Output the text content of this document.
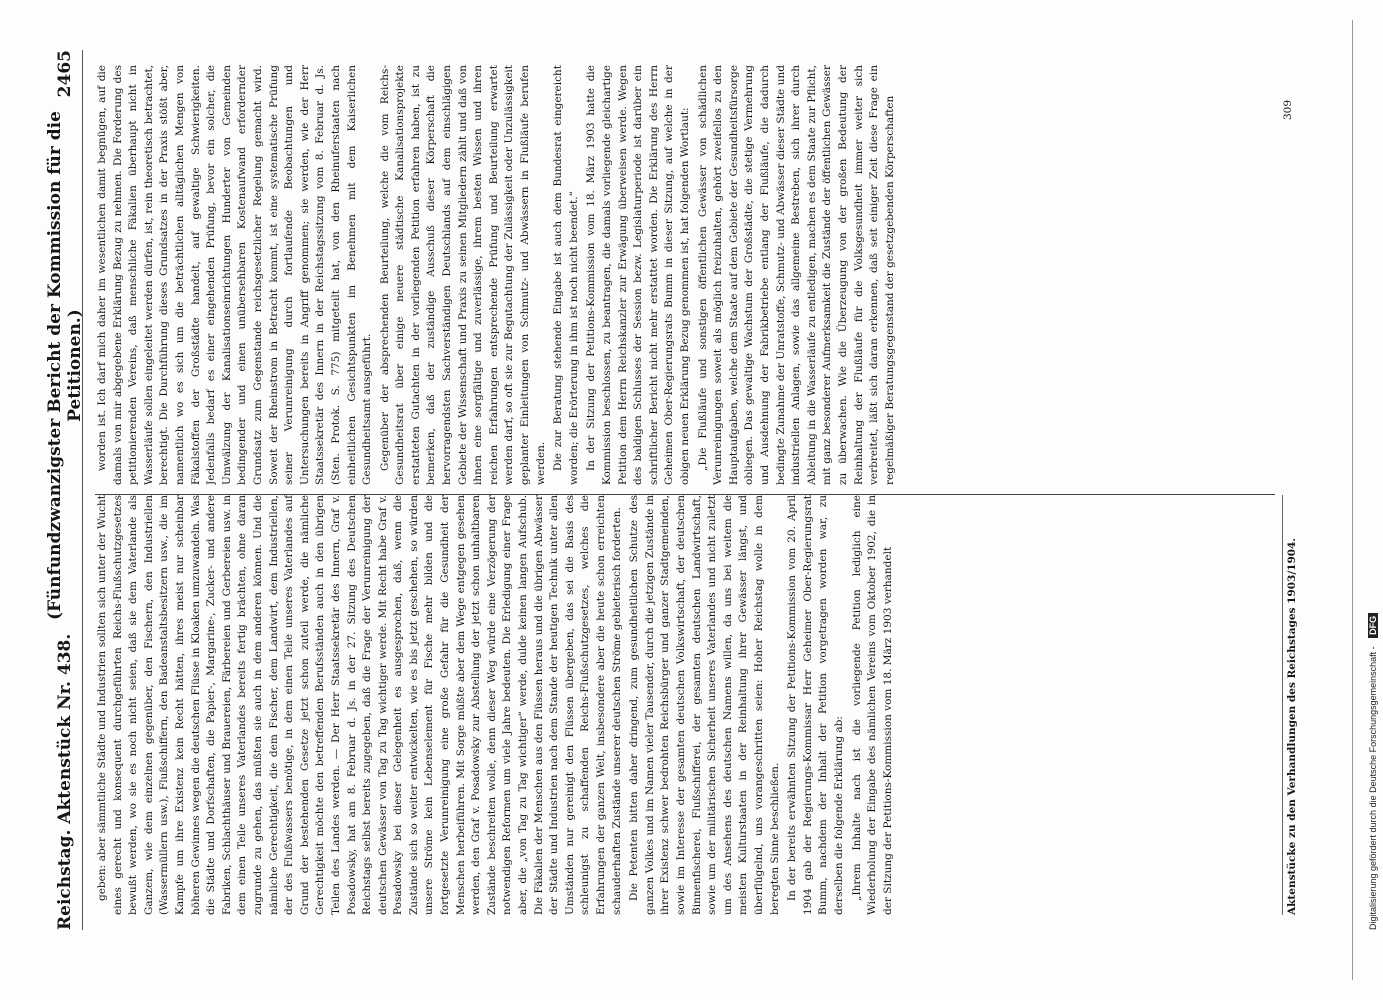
Reichstag. Aktenstück Nr. 438.
(Fünfundzwanzigster Bericht der Kommission für die Petitionen.)
2465

geben: aber sämmtliche Städte und Industrien sollten sich unter der Wucht eines gerecht und konsequent durchgeführten Reichs-Flußschutzgesetzes bewußt werden, wo sie es noch nicht seien, daß sie dem Vaterlande als Ganzem, wie dem einzelnen gegenüber, den Fischern, den Industriellen (Wassermüllern usw.), Flußschiffern, den Badeanstaltsbesitzern usw., die im Kampfe um ihre Existenz kein Recht hätten, ihres meist nur scheinbar höheren Gewinnes wegen die deutschen Flüsse in Kloaken umzuwandeln. Was die Städte und Dorfschaften, die Papier-, Margarine-, Zucker- und andere Fabriken, Schlachthäuser und Brauereien, Färbereien und Gerbereien usw. in dem einen Teile unseres Vaterlandes bereits fertig brächten, ohne daran zugrunde zu gehen, das müßten sie auch in dem anderen können. Und die nämliche Gerechtigkeit, die dem Fischer, dem Landwirt, dem Industriellen, der des Flußwassers benötige, in dem einen Teile unseres Vaterlandes auf Grund der bestehenden Gesetze jetzt schon zuteil werde, die nämliche Gerechtigkeit möchte den betreffenden Berufsständen auch in den übrigen Teilen des Landes werden. — Der Herr Staatssekretär des Innern, Graf v. Posadowsky, hat am 8. Februar d. Js. in der 27. Sitzung des Deutschen Reichstags selbst bereits zugegeben, daß die Frage der Verunreinigung der deutschen Gewässer von Tag zu Tag wichtiger werde. Mit Recht habe Graf v. Posadowsky bei dieser Gelegenheit es ausgesprochen, daß, wenn die Zustände sich so weiter entwickelten, wie es bis jetzt geschehen, so würden unsere Ströme kein Lebenselement für Fische mehr bilden und die fortgesetzte Verunreinigung eine große Gefahr für die Gesundheit der Menschen herbeiführen. Mit Sorge müßte aber dem Wege entgegen gesehen werden, den Graf v. Posadowsky zur Abstellung der jetzt schon unhaltbaren Zustände beschreiten wolle, denn dieser Weg würde eine Verzögerung der notwendigen Reformen um viele Jahre bedeuten. Die Erledigung einer Frage aber, die „von Tag zu Tag wichtiger“ werde, dulde keinen langen Aufschub. Die Fäkalien der Menschen aus den Flüssen heraus und die übrigen Abwässer der Städte und Industrien nach dem Stande der heutigen Technik unter allen Umständen nur gereinigt den Flüssen übergeben, das sei die Basis des schleunigst zu schaffenden Reichs-Flußschutzgesetzes, welches die Erfahrungen der ganzen Welt, insbesondere aber die heute schon erreichten schauderhaften Zustände unserer deutschen Ströme gebieterisch forderten. Die Petenten bitten daher dringend, zum gesundheitlichen Schutze des ganzen Volkes und im Namen vieler Tausender, durch die jetzigen Zustände in ihrer Existenz schwer bedrohten Reichsbürger und ganzer Stadtgemeinden, sowie im Interesse der gesamten deutschen Volkswirtschaft, der deutschen Binnenfischerei, Flußschifferei, der gesamten deutschen Landwirtschaft, sowie um der militärischen Sicherheit unseres Vaterlandes und nicht zuletzt um des Ansehens des deutschen Namens willen, da uns bei weitem die meisten Kulturstaaten in der Reinhaltung ihrer Gewässer längst, und überflügelnd, uns vorangeschritten seien: Hoher Reichstag wolle in dem beregten Sinne beschließen. In der bereits erwähnten Sitzung der Petitions-Kommission vom 20. April 1904 gab der Regierungs-Kommissar Herr Geheimer Ober-Regierungsrat Bumm, nachdem der Inhalt der Petition vorgetragen worden war, zu derselben die folgende Erklärung ab: „Ihrem Inhalte nach ist die vorliegende Petition lediglich eine Wiederholung der Eingabe des nämlichen Vereins vom Oktober 1902, die in der Sitzung der Petitions-Kommission vom 18. März 1903 verhandelt

worden ist. Ich darf mich daher im wesentlichen damit begnügen, auf die damals von mir abgegebene Erklärung Bezug zu nehmen. Die Forderung des petitionierenden Vereins, daß menschliche Fäkalien überhaupt nicht in Wasserläufe sollen eingeleitet werden dürfen, ist, rein theoretisch betrachtet, berechtigt. Die Durchführung dieses Grundsatzes in der Praxis stößt aber, namentlich wo es sich um die beträchtlichen alltäglichen Mengen von Fäkalstoffen der Großstädte handelt, auf gewaltige Schwierigkeiten. Jedenfalls bedarf es einer eingehenden Prüfung, bevor ein solcher, die Umwälzung der Kanalisationseinrichtungen Hunderter von Gemeinden bedingender und einen unübersehbaren Kostenaufwand erfordernder Grundsatz zum Gegenstande reichsgesetzlicher Regelung gemacht wird. Soweit der Rheinstrom in Betracht kommt, ist eine systematische Prüfung seiner Verunreinigung durch fortlaufende Beobachtungen und Untersuchungen bereits in Angriff genommen; sie werden, wie der Herr Staatssekretär des Innern in der Reichstagssitzung vom 8. Februar d. Js. (Sten. Protok. S. 775) mitgeteilt hat, von den Rheinuferstaaten nach einheitlichen Gesichtspunkten im Benehmen mit dem Kaiserlichen Gesundheitsamt ausgeführt. Gegenüber der absprechenden Beurteilung, welche die vom Reichs-Gesundheitsrat über einige neuere städtische Kanalisationsprojekte erstatteten Gutachten in der vorliegenden Petition erfahren haben, ist zu bemerken, daß der zuständige Ausschuß dieser Körperschaft die hervorragendsten Sachverständigen Deutschlands auf dem einschlägigen Gebiete der Wissenschaft und Praxis zu seinen Mitgliedern zählt und daß von ihnen eine sorgfältige und zuverlässige, ihrem besten Wissen und ihren reichen Erfahrungen entsprechende Prüfung und Beurteilung erwartet werden darf, so oft sie zur Begutachtung der Zulässigkeit oder Unzulässigkeit geplanter Einleitungen von Schmutz- und Abwässern in Flußläufe berufen werden. Die zur Beratung stehende Eingabe ist auch dem Bundesrat eingereicht worden; die Erörterung in ihm ist noch nicht beendet.“ In der Sitzung der Petitions-Kommission vom 18. März 1903 hatte die Kommission beschlossen, zu beantragen, die damals vorliegende gleichartige Petition dem Herrn Reichskanzler zur Erwägung überweisen werde. Wegen des baldigen Schlusses der Session bezw. Legislaturperiode ist darüber ein schriftlicher Bericht nicht mehr erstattet worden. Die Erklärung des Herrn Geheimen Ober-Regierungsrats Bumm in dieser Sitzung, auf welche in der obigen neuen Erklärung Bezug genommen ist, hat folgenden Wortlaut: „Die Flußläufe und sonstigen öffentlichen Gewässer von schädlichen Verunreinigungen soweit als möglich freizuhalten, gehört zweifellos zu den Hauptaufgaben, welche dem Staate auf dem Gebiete der Gesundheitsfürsorge obliegen. Das gewaltige Wachstum der Großstädte, die stetige Vermehrung und Ausdehnung der Fabrikbetriebe entlang der Flußläufe, die dadurch bedingte Zunahme der Unratstoffe, Schmutz- und Abwässer dieser Städte und industriellen Anlagen, sowie das allgemeine Bestreben, sich ihrer durch Ableitung in die Wasserläufe zu entledigen, machen es dem Staate zur Pflicht, mit ganz besonderer Aufmerksamkeit die Zustände der öffentlichen Gewässer zu überwachen. Wie die Überzeugung von der großen Bedeutung der Reinhaltung der Flußläufe für die Volksgesundheit immer weiter sich verbreitet, läßt sich daran erkennen, daß seit einiger Zeit diese Frage ein regelmäßiger Beratungsgegenstand der gesetzgebenden Körperschaften

Aktenstücke zu den Verhandlungen des Reichstages 1903/1904.
309
Digitalisierung gefördert durch die Deutsche Forschungsgemeinschaft - DFG
